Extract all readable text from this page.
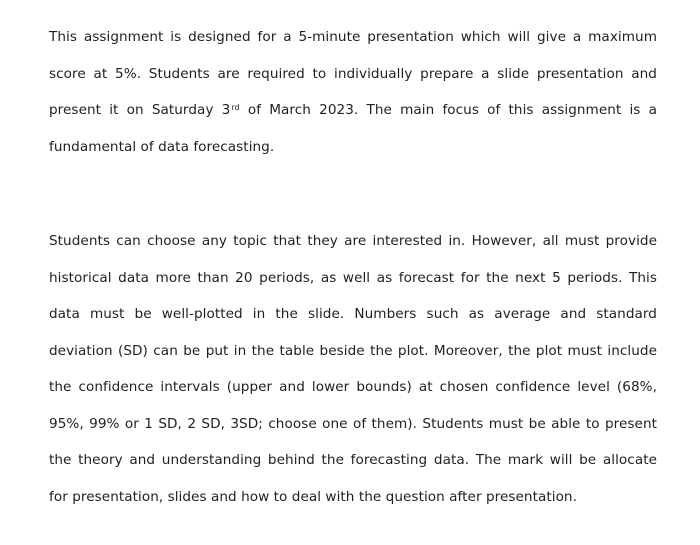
This assignment is designed for a 5-minute presentation which will give a maximum
score at 5%. Students are required to individually prepare a slide presentation and
present it on Saturday 3rd of March 2023. The main focus of this assignment is a
fundamental of data forecasting.
Students can choose any topic that they are interested in. However, all must provide
historical data more than 20 periods, as well as forecast for the next 5 periods. This
data must be well-plotted in the slide. Numbers such as average and standard
deviation (SD) can be put in the table beside the plot. Moreover, the plot must include
the confidence intervals (upper and lower bounds) at chosen confidence level (68%,
95%, 99% or 1 SD, 2 SD, 3SD; choose one of them). Students must be able to present
the theory and understanding behind the forecasting data. The mark will be allocate
for presentation, slides and how to deal with the question after presentation.
